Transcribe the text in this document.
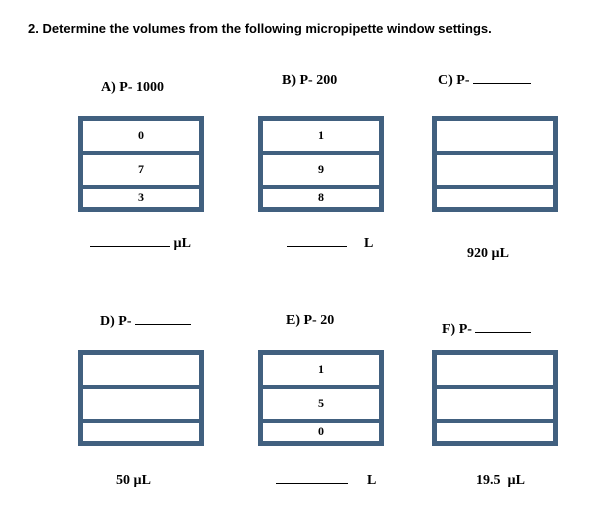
2. Determine the volumes from the following micropipette window settings.
A) P- 1000
0
7
3
µL
B) P- 200
1
9
8
L
C) P-
920 µL
D) P-
50 µL
E) P- 20
1
5
0
L
F) P-
19.5  µL
